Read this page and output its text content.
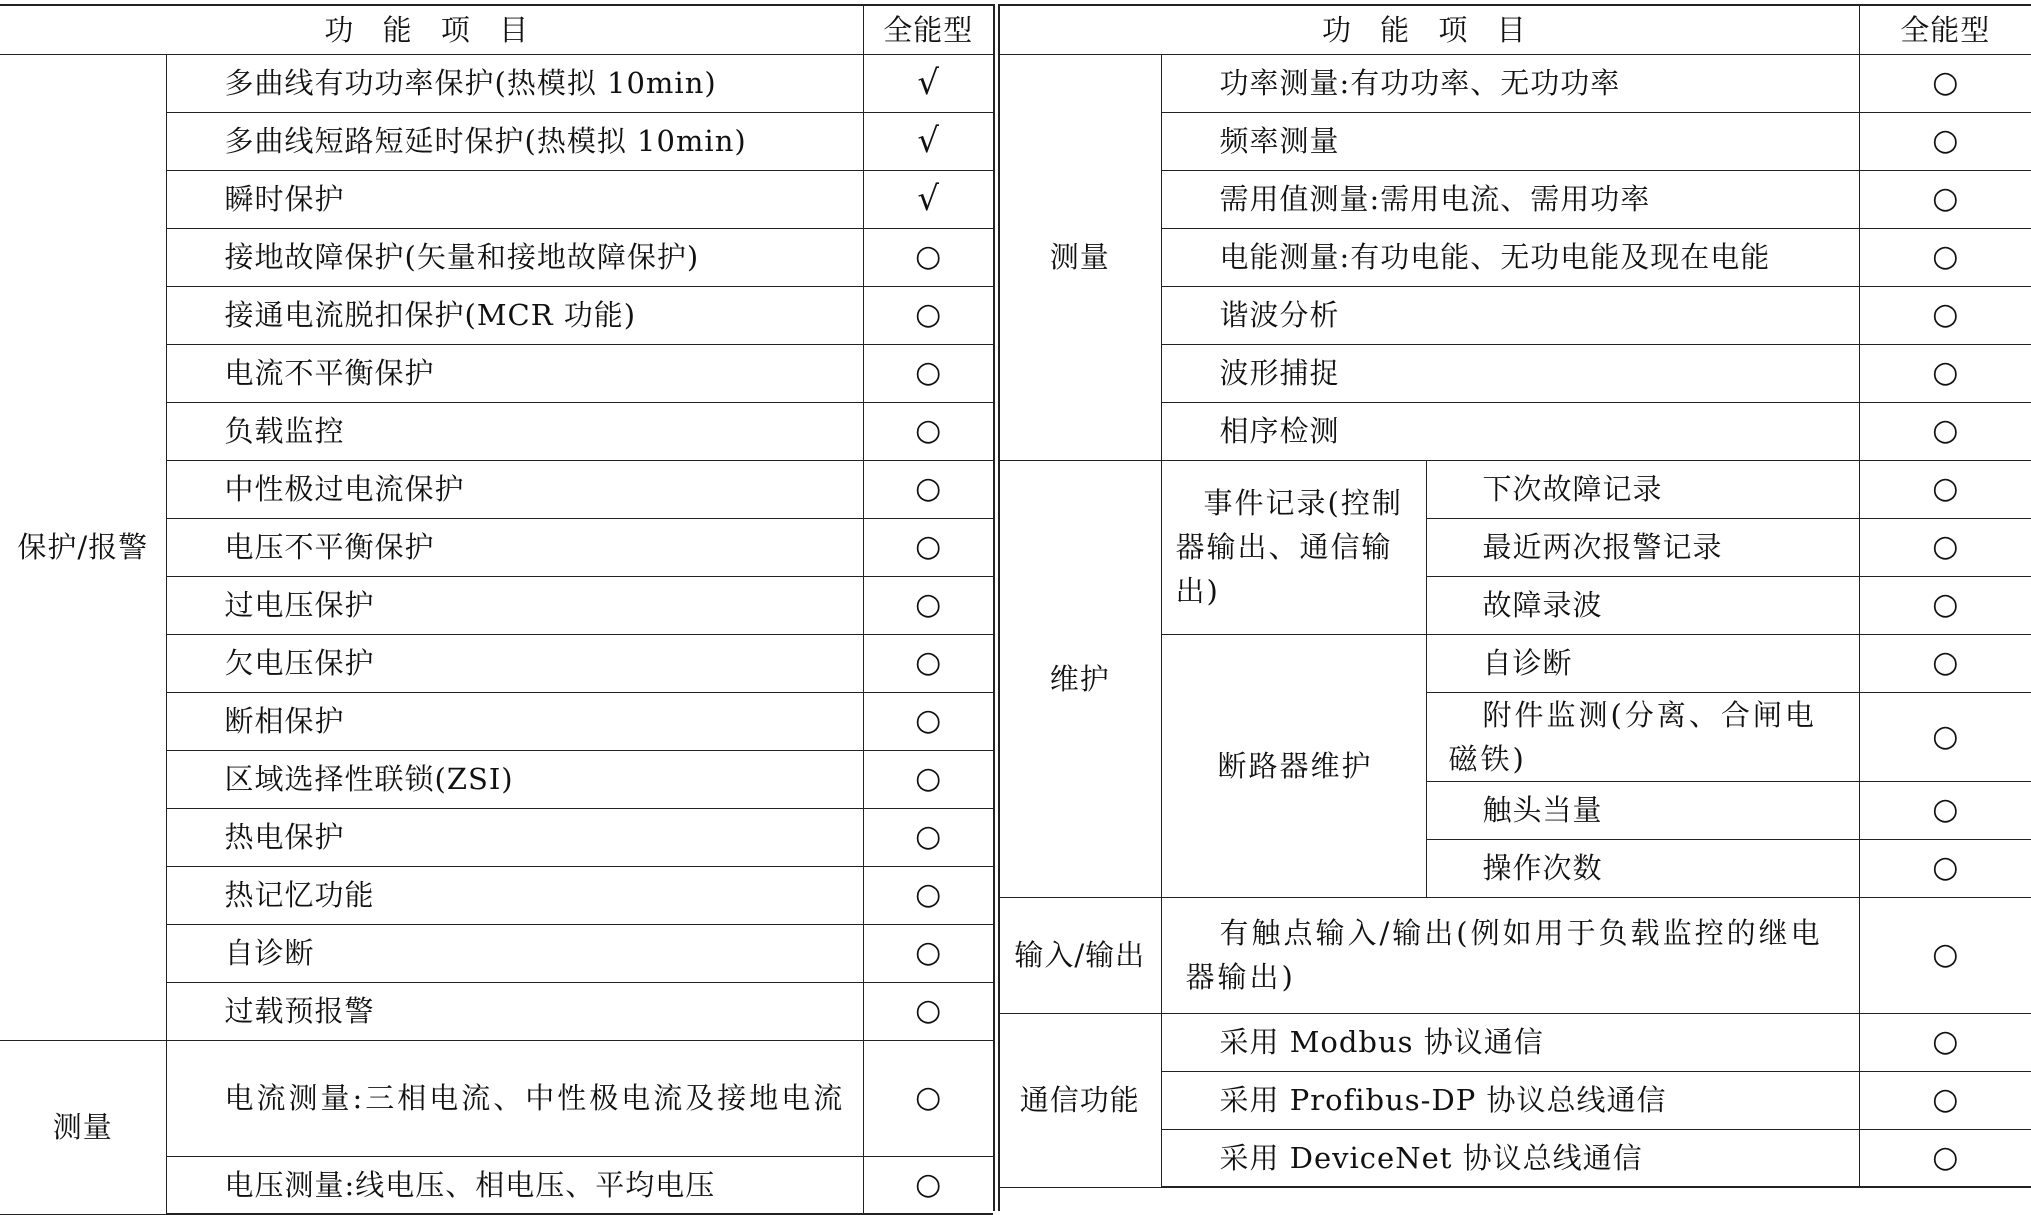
功 能 项 目		全能型
保护/报警	多曲线有功功率保护(热模拟 10min)	√
	多曲线短路短延时保护(热模拟 10min)	√
	瞬时保护	√
	接地故障保护(矢量和接地故障保护)	○
	接通电流脱扣保护(MCR 功能)	○
	电流不平衡保护	○
	负载监控	○
	中性极过电流保护	○
	电压不平衡保护	○
	过电压保护	○
	欠电压保护	○
	断相保护	○
	区域选择性联锁(ZSI)	○
	热电保护	○
	热记忆功能	○
	自诊断	○
	过载预报警	○
测量	电流测量:三相电流、中性极电流及接地电流	○
	电压测量:线电压、相电压、平均电压	○
功 能 项 目			全能型
测量	功率测量:有功功率、无功功率		○
	频率测量		○
	需用值测量:需用电流、需用功率		○
	电能测量:有功电能、无功电能及现在电能		○
	谐波分析		○
	波形捕捉		○
	相序检测		○
维护	事件记录(控制器输出、通信输出)	下次故障记录	○
		最近两次报警记录	○
		故障录波	○
	断路器维护	自诊断	○
		附件监测(分离、合闸电磁铁)	○
		触头当量	○
		操作次数	○
输入/输出	有触点输入/输出(例如用于负载监控的继电器输出)		○
通信功能	采用 Modbus 协议通信		○
	采用 Profibus-DP 协议总线通信		○
	采用 DeviceNet 协议总线通信		○
